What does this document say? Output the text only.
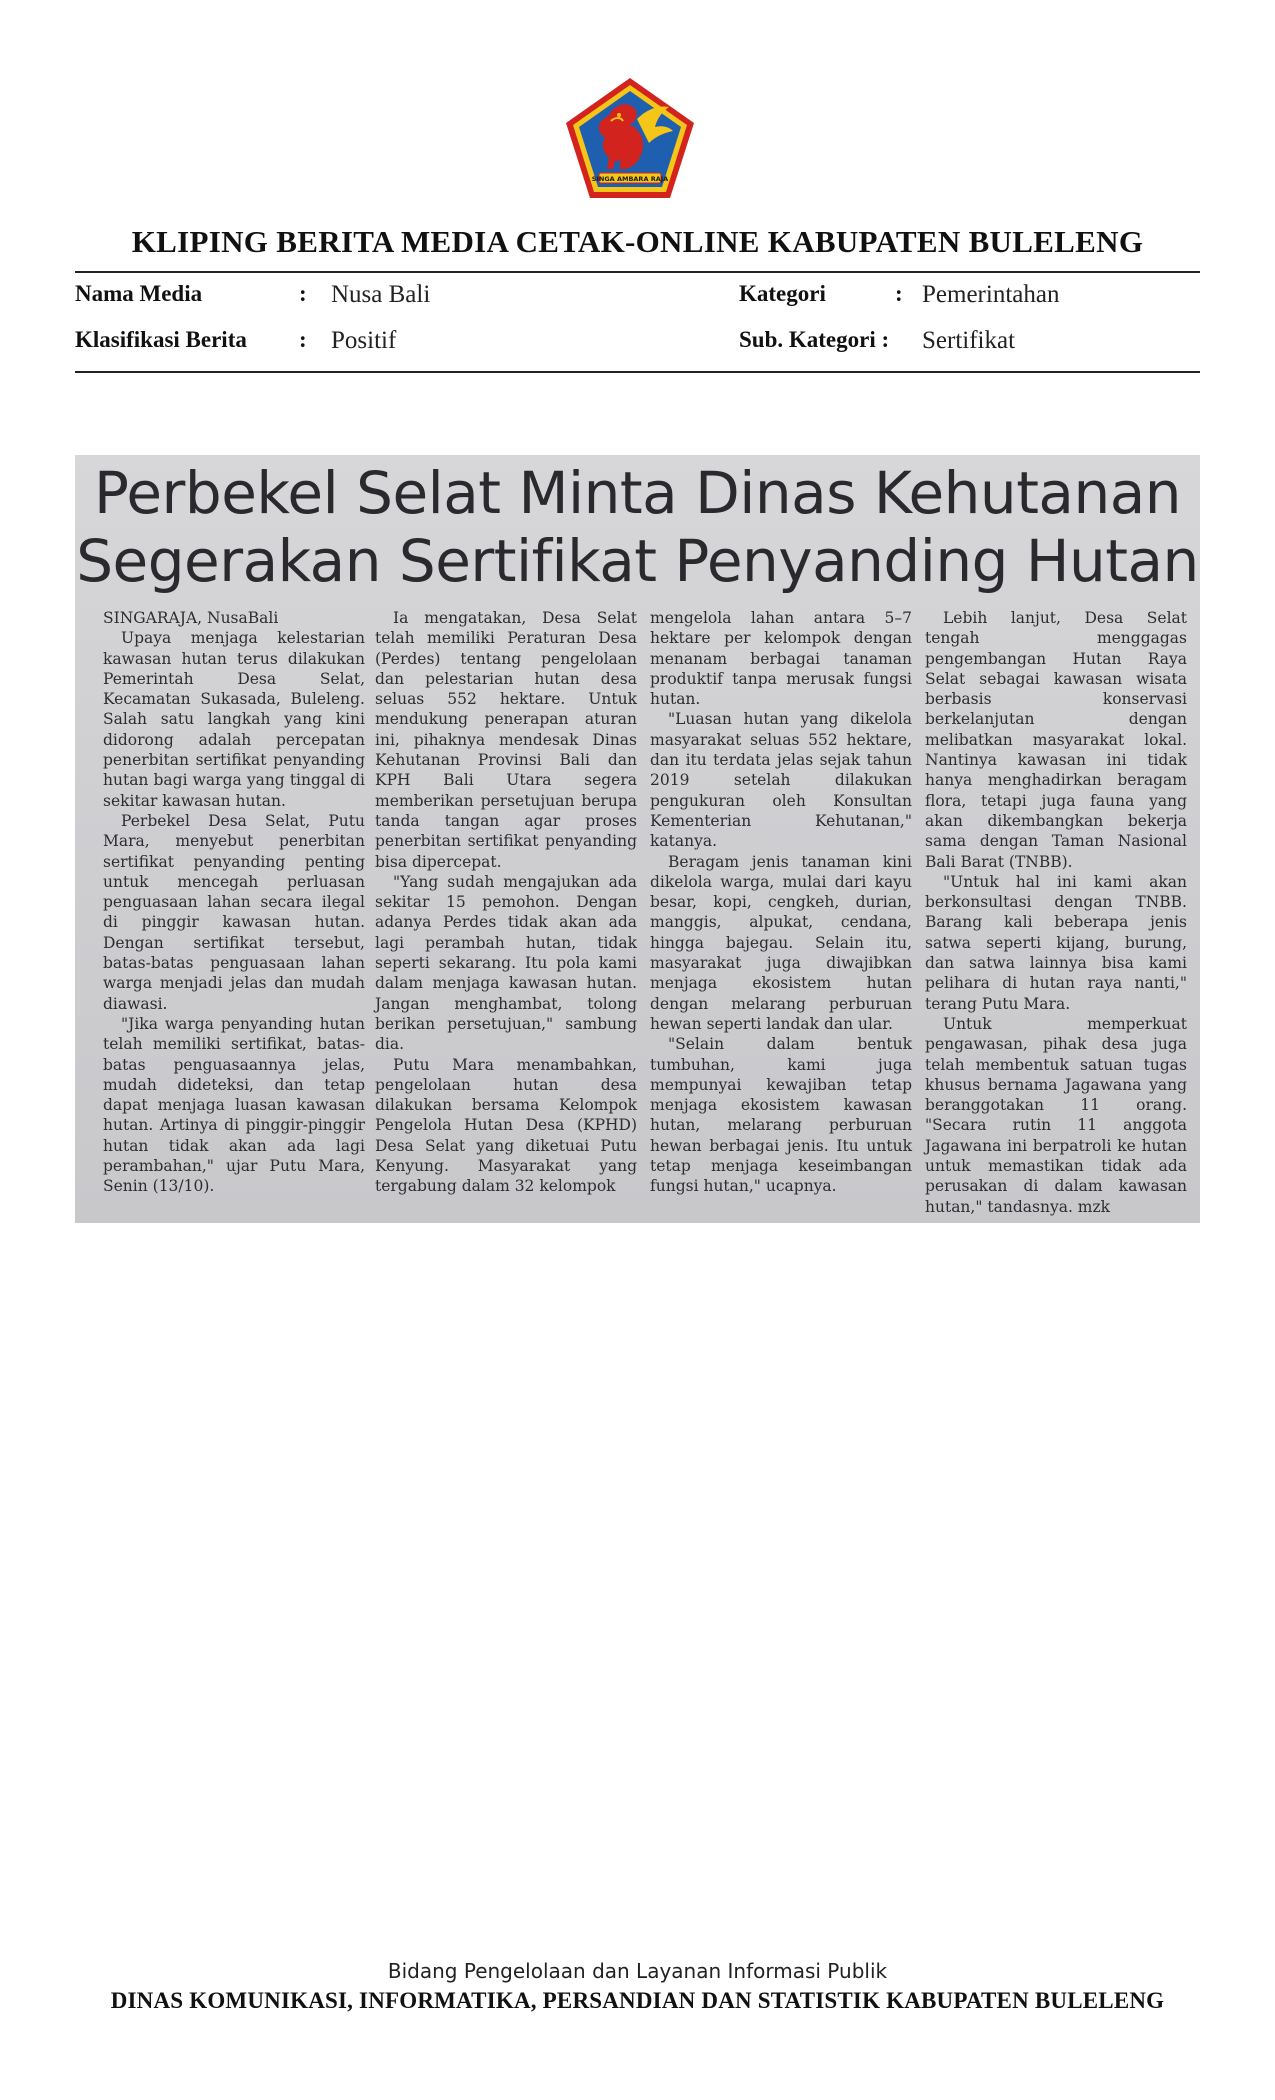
SINGA AMBARA RAJA
KLIPING BERITA MEDIA CETAK-ONLINE KABUPATEN BULELENG
Nama Media	: Nusa Bali	Kategori	: Pemerintahan
Klasifikasi Berita : Positif	Sub. Kategori : Sertifikat
Perbekel Selat Minta Dinas Kehutanan
Segerakan Sertifikat Penyanding Hutan

SINGARAJA, NusaBali

Upaya menjaga kelestarian kawasan hutan terus dilakukan Pemerintah Desa Selat, Kecamatan Sukasada, Buleleng. Salah satu langkah yang kini didorong adalah percepatan penerbitan sertifikat penyanding hutan bagi warga yang tinggal di sekitar kawasan hutan.

Perbekel Desa Selat, Putu Mara, menyebut penerbitan sertifikat penyanding penting untuk mencegah perluasan penguasaan lahan secara ilegal di pinggir kawasan hutan. Dengan sertifikat tersebut, batas-batas penguasaan lahan warga menjadi jelas dan mudah diawasi.

"Jika warga penyanding hutan telah memiliki sertifikat, batas-batas penguasaannya jelas, mudah dideteksi, dan tetap dapat menjaga luasan kawasan hutan. Artinya di pinggir-pinggir hutan tidak akan ada lagi perambahan," ujar Putu Mara, Senin (13/10).

Ia mengatakan, Desa Selat telah memiliki Peraturan Desa (Perdes) tentang pengelolaan dan pelestarian hutan desa seluas 552 hektare. Untuk mendukung penerapan aturan ini, pihaknya mendesak Dinas Kehutanan Provinsi Bali dan KPH Bali Utara segera memberikan persetujuan berupa tanda tangan agar proses penerbitan sertifikat penyanding bisa dipercepat.

"Yang sudah mengajukan ada sekitar 15 pemohon. Dengan adanya Perdes tidak akan ada lagi perambah hutan, tidak seperti sekarang. Itu pola kami dalam menjaga kawasan hutan. Jangan menghambat, tolong berikan persetujuan," sambung dia.

Putu Mara menambahkan, pengelolaan hutan desa dilakukan bersama Kelompok Pengelola Hutan Desa (KPHD) Desa Selat yang diketuai Putu Kenyung. Masyarakat yang tergabung dalam 32 kelompok

mengelola lahan antara 5–7 hektare per kelompok dengan menanam berbagai tanaman produktif tanpa merusak fungsi hutan.

"Luasan hutan yang dikelola masyarakat seluas 552 hektare, dan itu terdata jelas sejak tahun 2019 setelah dilakukan pengukuran oleh Konsultan Kementerian Kehutanan," katanya.

Beragam jenis tanaman kini dikelola warga, mulai dari kayu besar, kopi, cengkeh, durian, manggis, alpukat, cendana, hingga bajegau. Selain itu, masyarakat juga diwajibkan menjaga ekosistem hutan dengan melarang perburuan hewan seperti landak dan ular.

"Selain dalam bentuk tumbuhan, kami juga mempunyai kewajiban tetap menjaga ekosistem kawasan hutan, melarang perburuan hewan berbagai jenis. Itu untuk tetap menjaga keseimbangan fungsi hutan," ucapnya.

Lebih lanjut, Desa Selat tengah menggagas pengembangan Hutan Raya Selat sebagai kawasan wisata berbasis konservasi berkelanjutan dengan melibatkan masyarakat lokal. Nantinya kawasan ini tidak hanya menghadirkan beragam flora, tetapi juga fauna yang akan dikembangkan bekerja sama dengan Taman Nasional Bali Barat (TNBB).

"Untuk hal ini kami akan berkonsultasi dengan TNBB. Barang kali beberapa jenis satwa seperti kijang, burung, dan satwa lainnya bisa kami pelihara di hutan raya nanti," terang Putu Mara.

Untuk memperkuat pengawasan, pihak desa juga telah membentuk satuan tugas khusus bernama Jagawana yang beranggotakan 11 orang. "Secara rutin 11 anggota Jagawana ini berpatroli ke hutan untuk memastikan tidak ada perusakan di dalam kawasan hutan," tandasnya. mzk

Bidang Pengelolaan dan Layanan Informasi Publik
DINAS KOMUNIKASI, INFORMATIKA, PERSANDIAN DAN STATISTIK KABUPATEN BULELENG
